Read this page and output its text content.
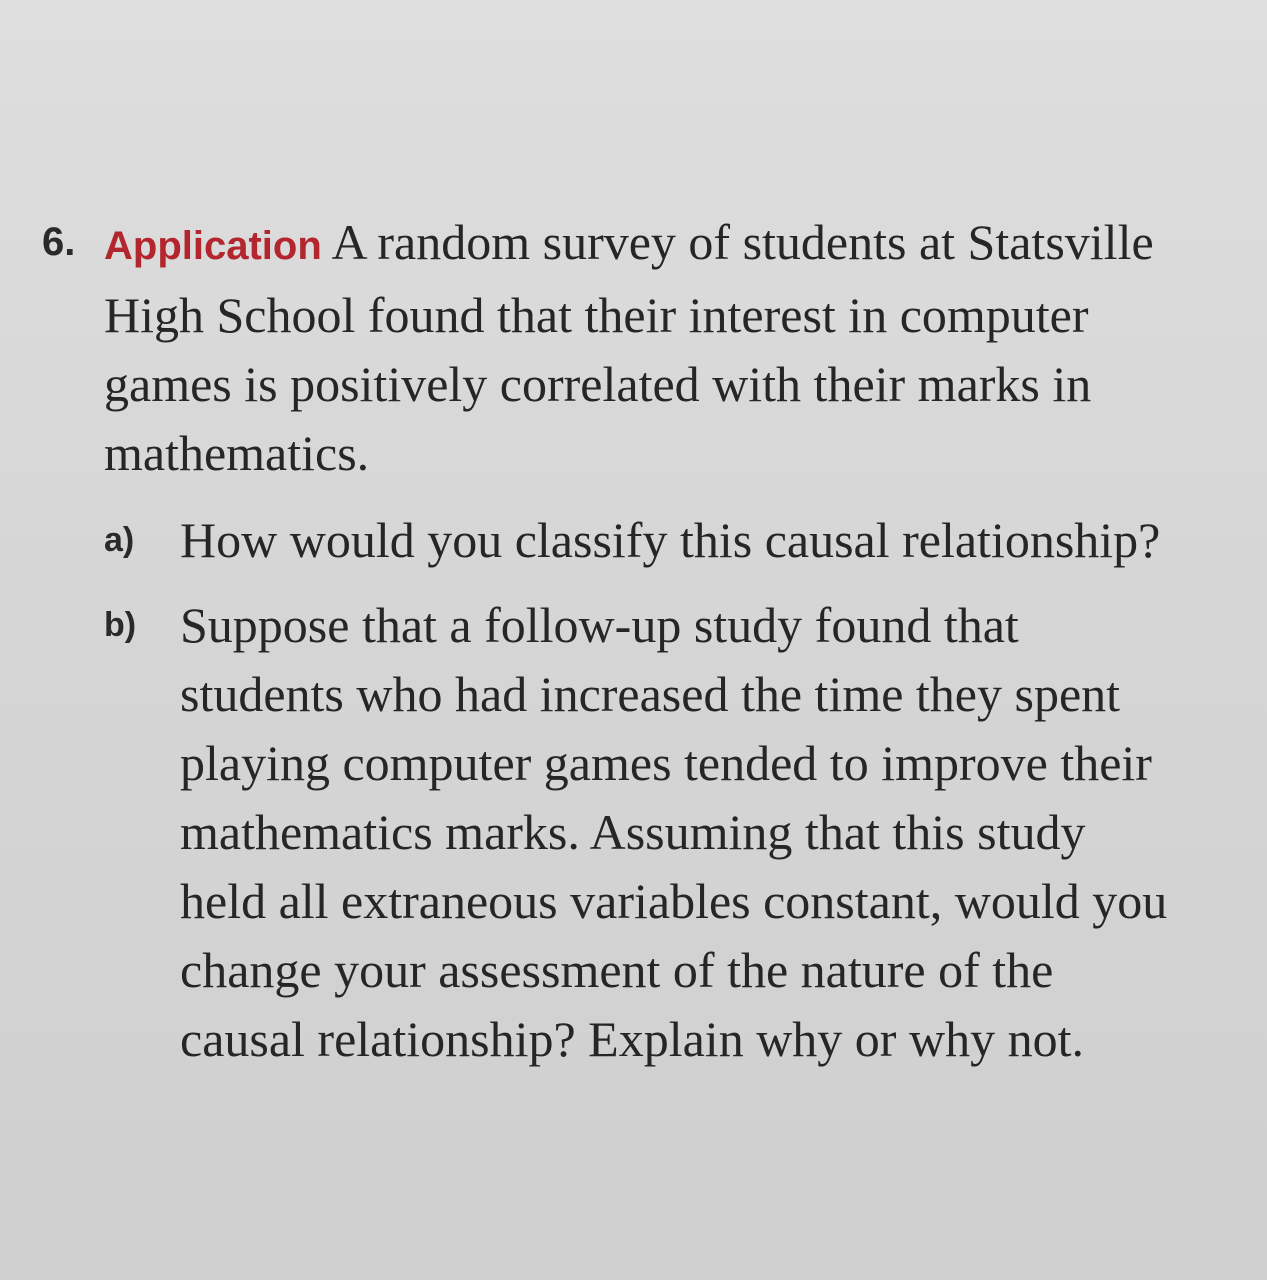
6. Application A random survey of students at Statsville High School found that their interest in computer games is positively correlated with their marks in mathematics.
a) How would you classify this causal relationship?
b) Suppose that a follow-up study found that students who had increased the time they spent playing computer games tended to improve their mathematics marks. Assuming that this study held all extraneous variables constant, would you change your assessment of the nature of the causal relationship? Explain why or why not.
